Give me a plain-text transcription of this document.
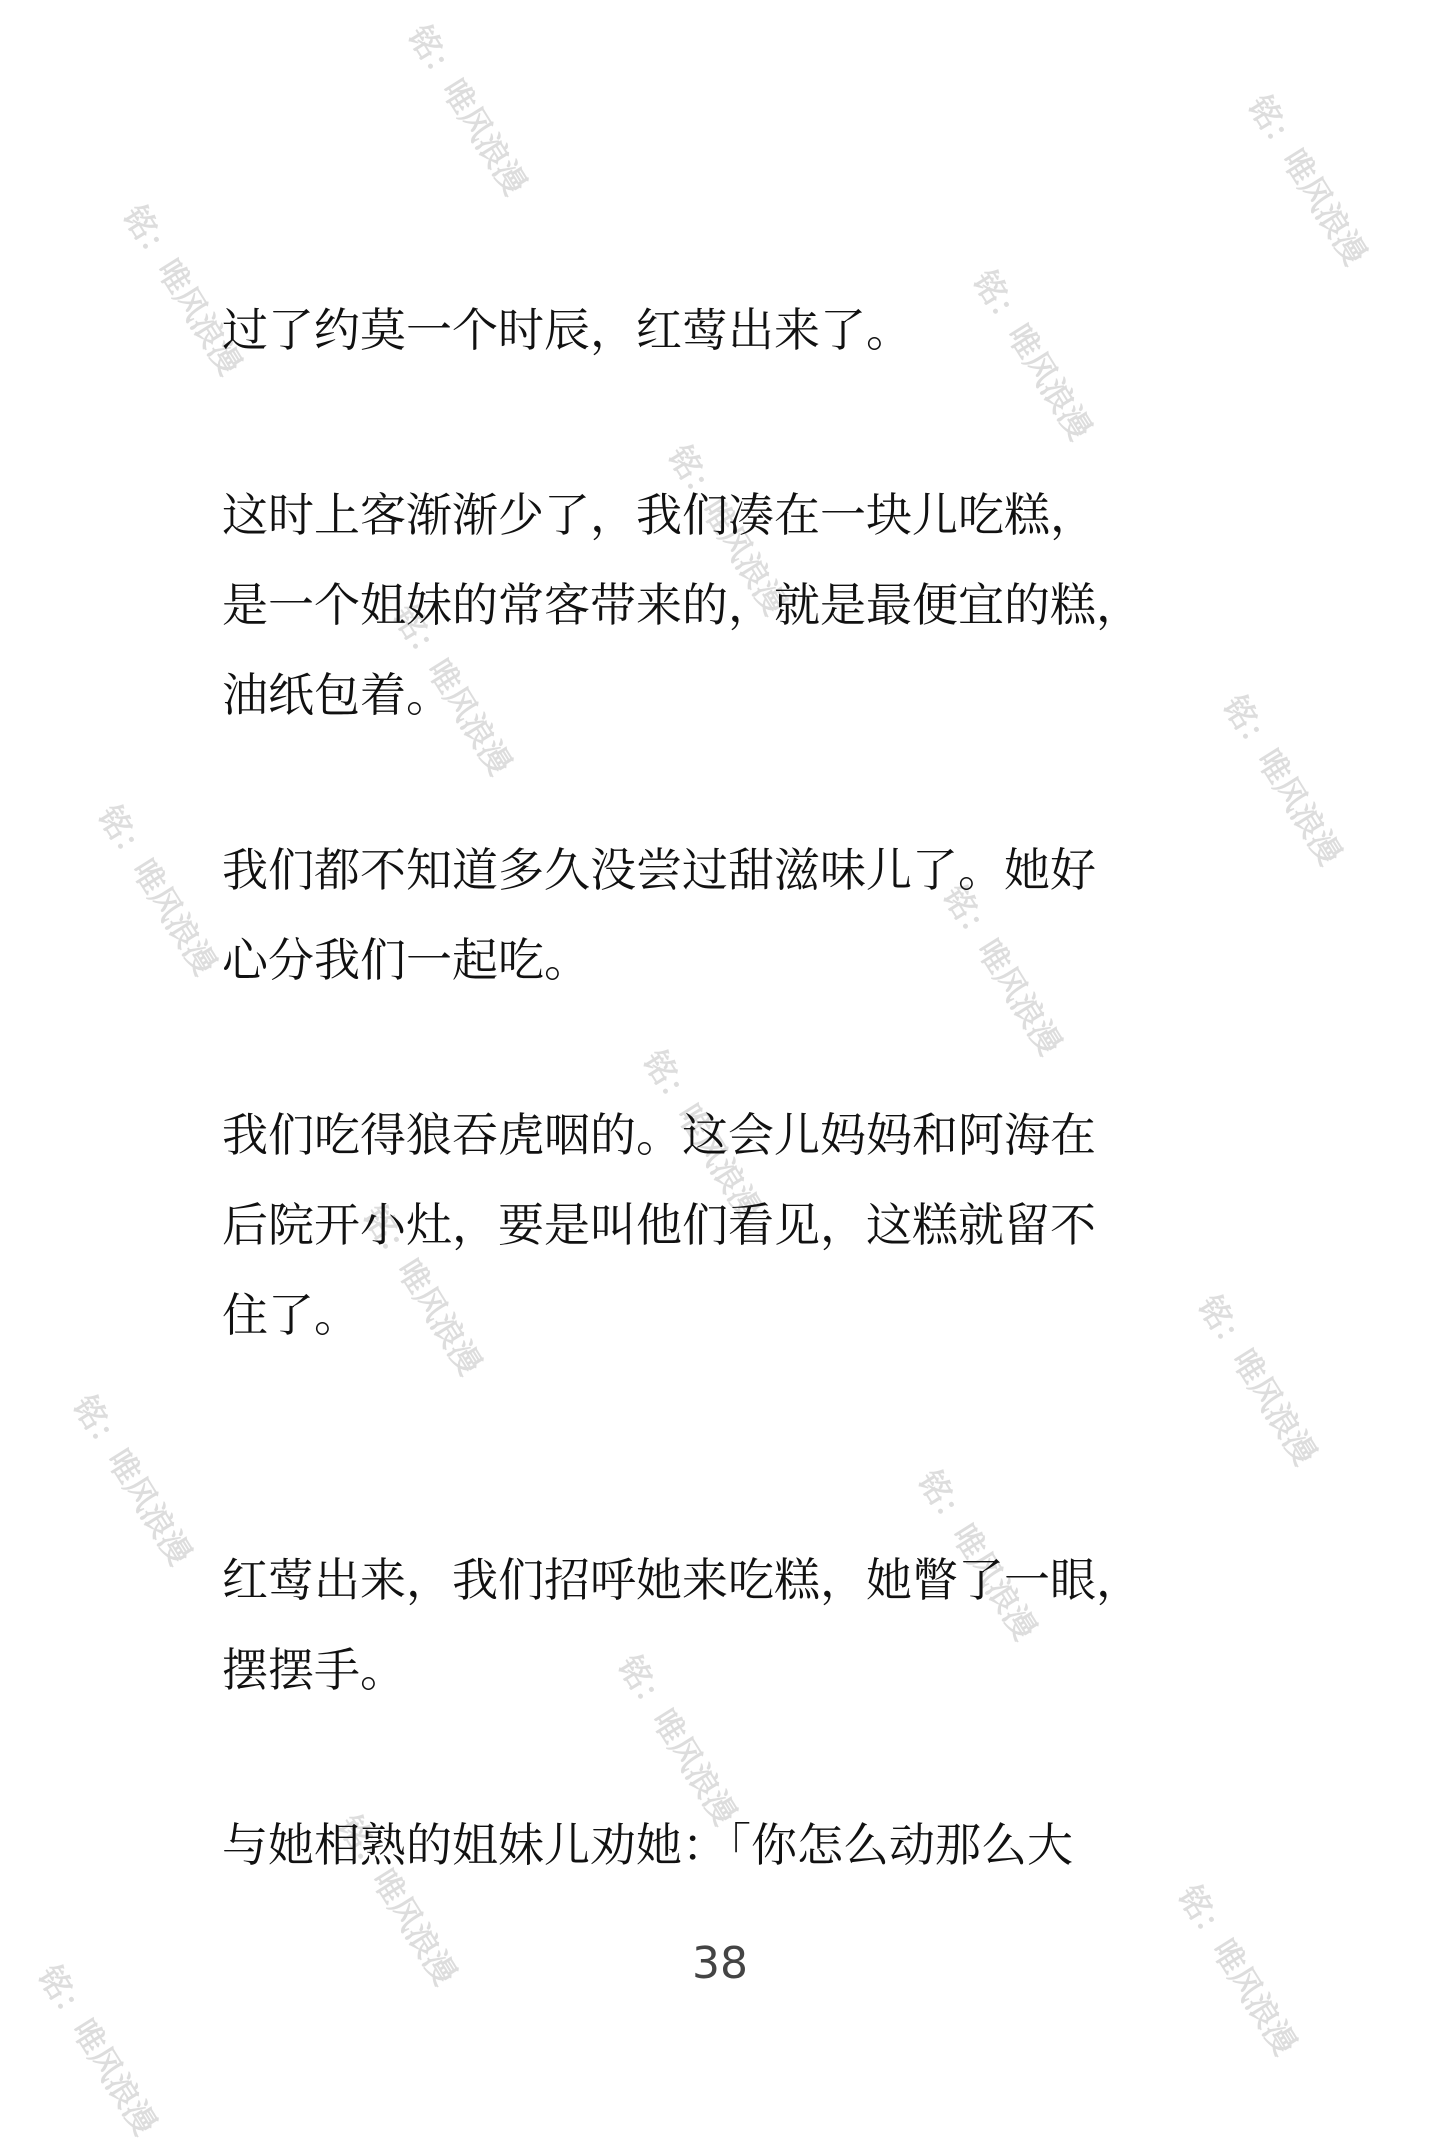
铭：唯风浪漫	铭：唯风浪漫
铭：唯风浪漫	铭：唯风浪漫
铭：唯风浪漫
铭：唯风浪漫	铭：唯风浪漫
铭：唯风浪漫	铭：唯风浪漫
铭：唯风浪漫
铭：唯风浪漫	铭：唯风浪漫
铭：唯风浪漫	铭：唯风浪漫
铭：唯风浪漫
铭：唯风浪漫	铭：唯风浪漫
铭：唯风浪漫
过了约莫一个时辰，红莺出来了。
这时上客渐渐少了，我们凑在一块儿吃糕，
是一个姐妹的常客带来的，就是最便宜的糕，
油纸包着。
我们都不知道多久没尝过甜滋味儿了。她好
心分我们一起吃。
我们吃得狼吞虎咽的。这会儿妈妈和阿海在
后院开小灶，要是叫他们看见，这糕就留不
住了。
红莺出来，我们招呼她来吃糕，她瞥了一眼，
摆摆手。
与她相熟的姐妹儿劝她：「你怎么动那么大
38
